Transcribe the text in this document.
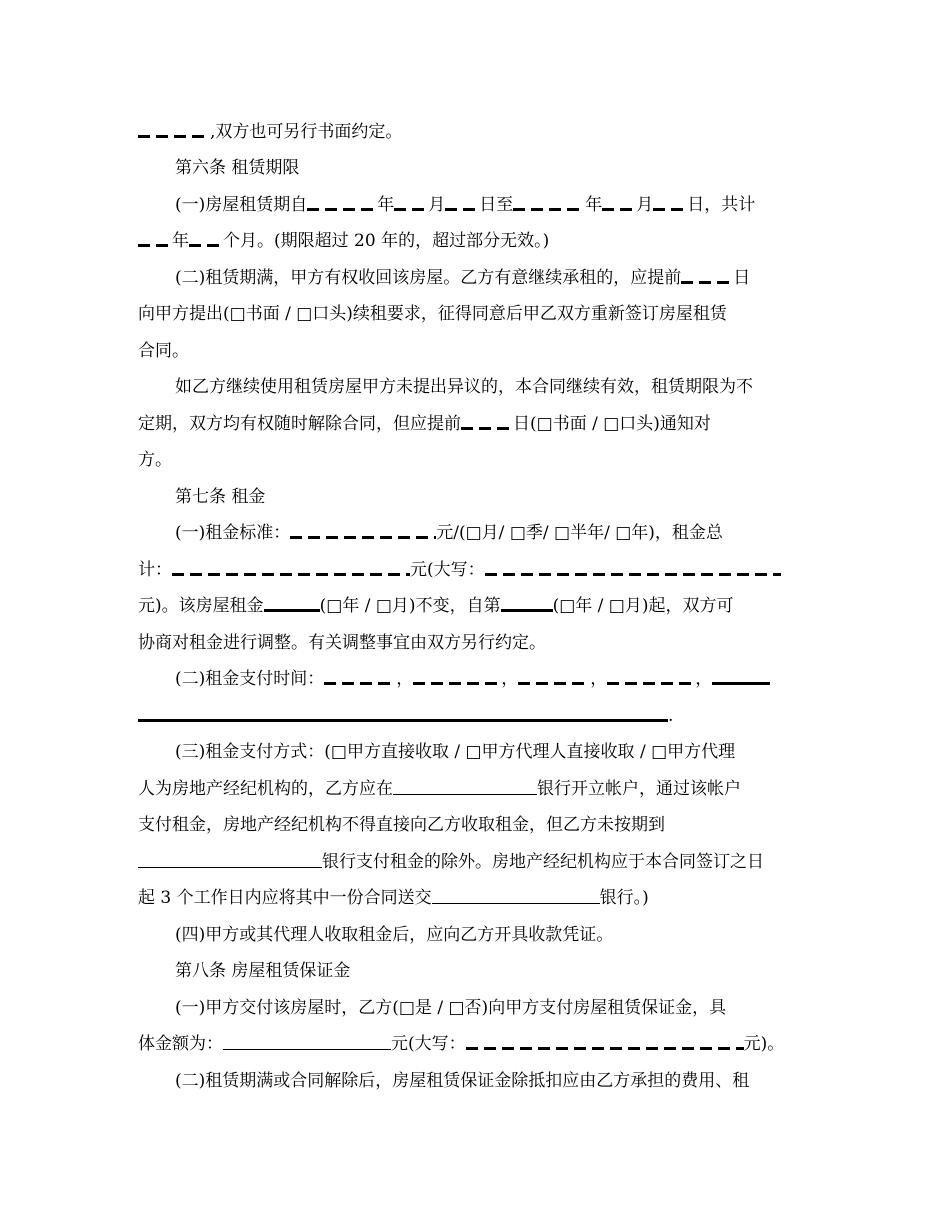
,双方也可另行书面约定。
第六条 租赁期限
(一)房屋租赁期自	年 月 日至	年 月 日，共计
年 个月。(期限超过 20 年的，超过部分无效。)
(二)租赁期满，甲方有权收回该房屋。乙方有意继续承租的，应提前	日
向甲方提出(□书面 / □口头)续租要求，征得同意后甲乙双方重新签订房屋租赁
合同。
如乙方继续使用租赁房屋甲方未提出异议的，本合同继续有效，租赁期限为不
定期，双方均有权随时解除合同，但应提前	日(□书面 / □口头)通知对
方。
第七条 租金
(一)租金标准：	元/(□月/ □季/ □半年/ □年)，租金总
计：	元(大写：
元)。该房屋租金	(□年 / □月)不变，自第	(□年 / □月)起，双方可
协商对租金进行调整。有关调整事宜由双方另行约定。
(二)租金支付时间：	，	，	，	，
.
(三)租金支付方式：(□甲方直接收取 / □甲方代理人直接收取 / □甲方代理
人为房地产经纪机构的，乙方应在	银行开立帐户，通过该帐户
支付租金，房地产经纪机构不得直接向乙方收取租金，但乙方未按期到
银行支付租金的除外。房地产经纪机构应于本合同签订之日
起 3 个工作日内应将其中一份合同送交	银行。)
(四)甲方或其代理人收取租金后，应向乙方开具收款凭证。
第八条 房屋租赁保证金
(一)甲方交付该房屋时，乙方(□是 / □否)向甲方支付房屋租赁保证金，具
体金额为：	元(大写：	元)。
(二)租赁期满或合同解除后，房屋租赁保证金除抵扣应由乙方承担的费用、租
